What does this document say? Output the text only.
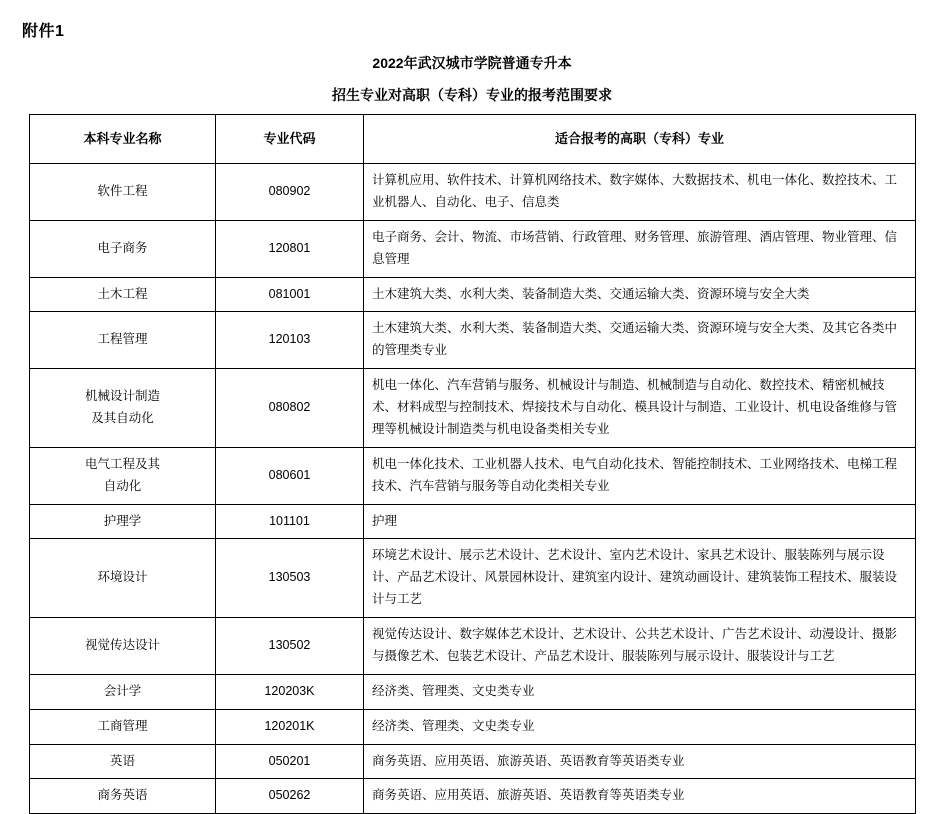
附件1
2022年武汉城市学院普通专升本
招生专业对高职（专科）专业的报考范围要求
本科专业名称	专业代码	适合报考的高职（专科）专业
软件工程	080902	计算机应用、软件技术、计算机网络技术、数字媒体、大数据技术、机电一体化、数控技术、工业机器人、自动化、电子、信息类
电子商务	120801	电子商务、会计、物流、市场营销、行政管理、财务管理、旅游管理、酒店管理、物业管理、信息管理
土木工程	081001	土木建筑大类、水利大类、装备制造大类、交通运输大类、资源环境与安全大类
工程管理	120103	土木建筑大类、水利大类、装备制造大类、交通运输大类、资源环境与安全大类、及其它各类中的管理类专业

机械设计制造
及其自动化	080802	机电一体化、汽车营销与服务、机械设计与制造、机械制造与自动化、数控技术、精密机械技术、材料成型与控制技术、焊接技术与自动化、模具设计与制造、工业设计、机电设备维修与管理等机械设计制造类与机电设备类相关专业

电气工程及其
自动化	080601	机电一体化技术、工业机器人技术、电气自动化技术、智能控制技术、工业网络技术、电梯工程技术、汽车营销与服务等自动化类相关专业
护理学	101101	护理
环境设计	130503	环境艺术设计、展示艺术设计、艺术设计、室内艺术设计、家具艺术设计、服装陈列与展示设计、产品艺术设计、风景园林设计、建筑室内设计、建筑动画设计、建筑装饰工程技术、服装设计与工艺
视觉传达设计	130502	视觉传达设计、数字媒体艺术设计、艺术设计、公共艺术设计、广告艺术设计、动漫设计、摄影与摄像艺术、包装艺术设计、产品艺术设计、服装陈列与展示设计、服装设计与工艺
会计学	120203K	经济类、管理类、文史类专业
工商管理	120201K	经济类、管理类、文史类专业
英语	050201	商务英语、应用英语、旅游英语、英语教育等英语类专业
商务英语	050262	商务英语、应用英语、旅游英语、英语教育等英语类专业
